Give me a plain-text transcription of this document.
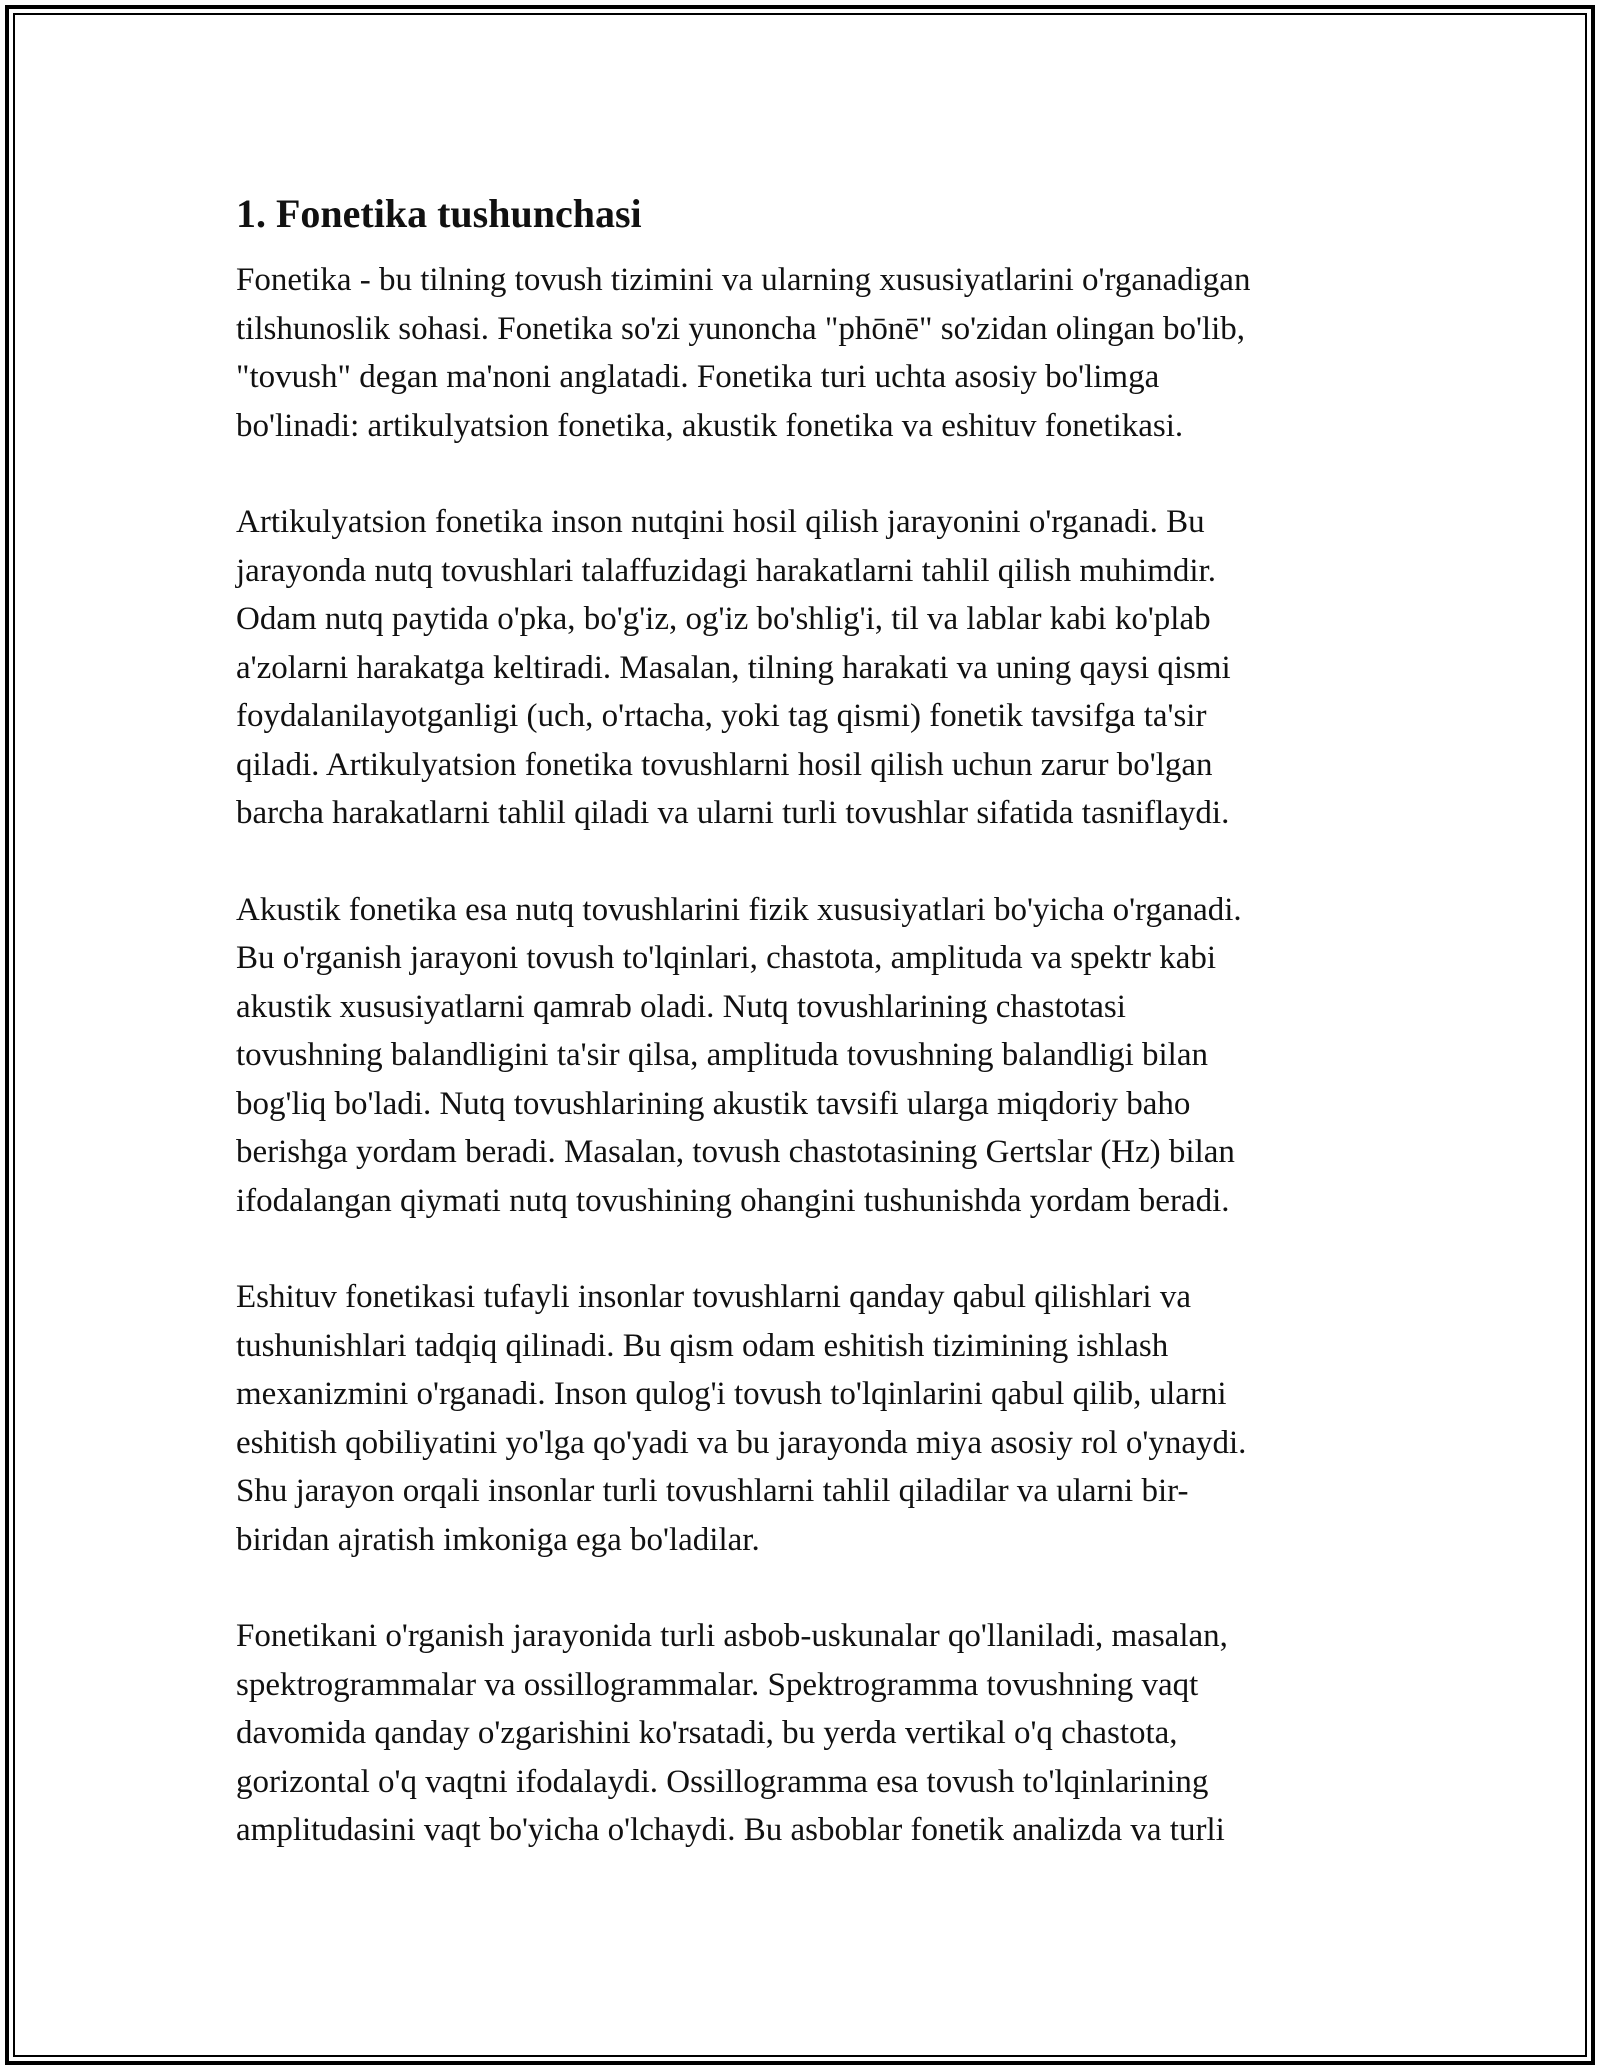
1. Fonetika tushunchasi

Fonetika - bu tilning tovush tizimini va ularning xususiyatlarini o'rganadigan
tilshunoslik sohasi. Fonetika so'zi yunoncha "phōnē" so'zidan olingan bo'lib,
"tovush" degan ma'noni anglatadi. Fonetika turi uchta asosiy bo'limga
bo'linadi: artikulyatsion fonetika, akustik fonetika va eshituv fonetikasi.

Artikulyatsion fonetika inson nutqini hosil qilish jarayonini o'rganadi. Bu
jarayonda nutq tovushlari talaffuzidagi harakatlarni tahlil qilish muhimdir.
Odam nutq paytida o'pka, bo'g'iz, og'iz bo'shlig'i, til va lablar kabi ko'plab
a'zolarni harakatga keltiradi. Masalan, tilning harakati va uning qaysi qismi
foydalanilayotganligi (uch, o'rtacha, yoki tag qismi) fonetik tavsifga ta'sir
qiladi. Artikulyatsion fonetika tovushlarni hosil qilish uchun zarur bo'lgan
barcha harakatlarni tahlil qiladi va ularni turli tovushlar sifatida tasniflaydi.

Akustik fonetika esa nutq tovushlarini fizik xususiyatlari bo'yicha o'rganadi.
Bu o'rganish jarayoni tovush to'lqinlari, chastota, amplituda va spektr kabi
akustik xususiyatlarni qamrab oladi. Nutq tovushlarining chastotasi
tovushning balandligini ta'sir qilsa, amplituda tovushning balandligi bilan
bog'liq bo'ladi. Nutq tovushlarining akustik tavsifi ularga miqdoriy baho
berishga yordam beradi. Masalan, tovush chastotasining Gertslar (Hz) bilan
ifodalangan qiymati nutq tovushining ohangini tushunishda yordam beradi.

Eshituv fonetikasi tufayli insonlar tovushlarni qanday qabul qilishlari va
tushunishlari tadqiq qilinadi. Bu qism odam eshitish tizimining ishlash
mexanizmini o'rganadi. Inson qulog'i tovush to'lqinlarini qabul qilib, ularni
eshitish qobiliyatini yo'lga qo'yadi va bu jarayonda miya asosiy rol o'ynaydi.
Shu jarayon orqali insonlar turli tovushlarni tahlil qiladilar va ularni bir-
biridan ajratish imkoniga ega bo'ladilar.

Fonetikani o'rganish jarayonida turli asbob-uskunalar qo'llaniladi, masalan,
spektrogrammalar va ossillogrammalar. Spektrogramma tovushning vaqt
davomida qanday o'zgarishini ko'rsatadi, bu yerda vertikal o'q chastota,
gorizontal o'q vaqtni ifodalaydi. Ossillogramma esa tovush to'lqinlarining
amplitudasini vaqt bo'yicha o'lchaydi. Bu asboblar fonetik analizda va turli
